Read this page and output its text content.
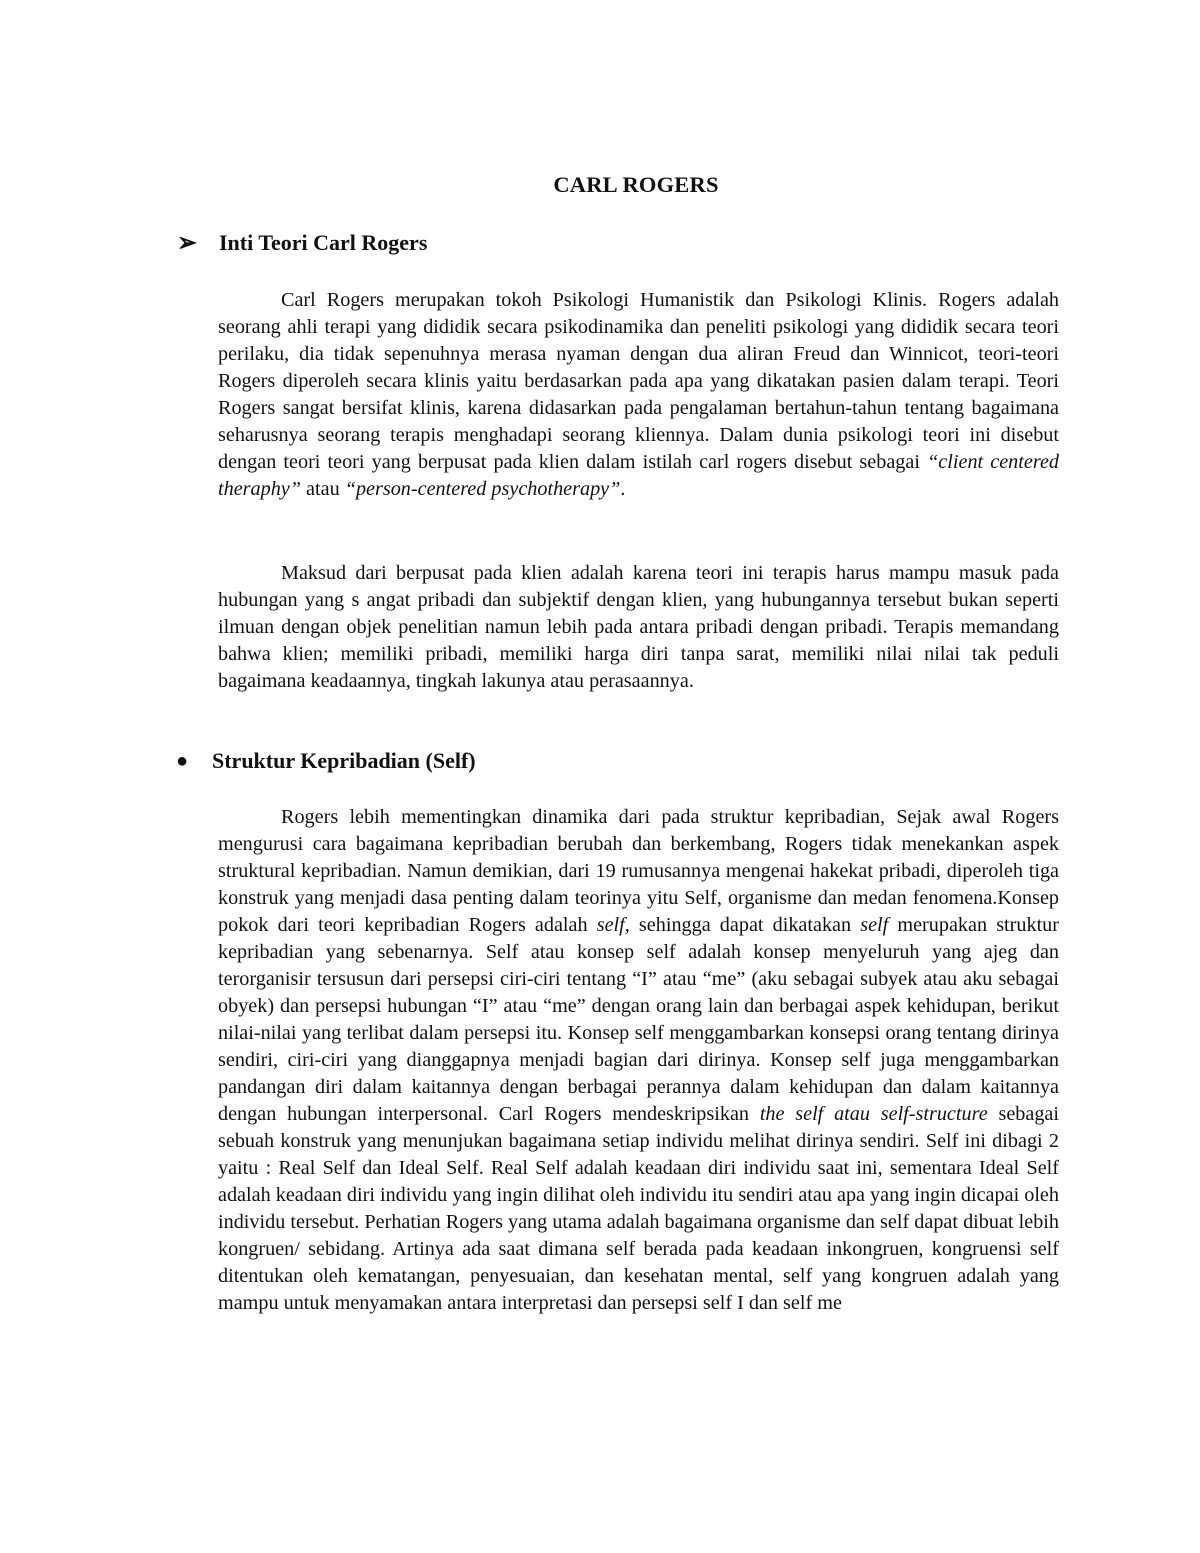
CARL ROGERS
➢	Inti Teori Carl Rogers

Carl Rogers merupakan tokoh Psikologi Humanistik dan Psikologi Klinis. Rogers adalah seorang ahli terapi yang dididik secara psikodinamika dan peneliti psikologi yang dididik secara teori perilaku, dia tidak sepenuhnya merasa nyaman dengan dua aliran Freud dan Winnicot, teori-teori Rogers diperoleh secara klinis yaitu berdasarkan pada apa yang dikatakan pasien dalam terapi. Teori Rogers sangat bersifat klinis, karena didasarkan pada pengalaman bertahun-tahun tentang bagaimana seharusnya seorang terapis menghadapi seorang kliennya. Dalam dunia psikologi teori ini disebut dengan teori teori yang berpusat pada klien dalam istilah carl rogers disebut sebagai “client centered theraphy” atau “person-centered psychotherapy”.

Maksud dari berpusat pada klien adalah karena teori ini terapis harus mampu masuk pada hubungan yang s angat pribadi dan subjektif dengan klien, yang hubungannya tersebut bukan seperti ilmuan dengan objek penelitian namun lebih pada antara pribadi dengan pribadi. Terapis memandang bahwa klien; memiliki pribadi, memiliki harga diri tanpa sarat, memiliki nilai nilai tak peduli bagaimana keadaannya, tingkah lakunya atau perasaannya.

●	Struktur Kepribadian (Self)

Rogers lebih mementingkan dinamika dari pada struktur kepribadian, Sejak awal Rogers mengurusi cara bagaimana kepribadian berubah dan berkembang, Rogers tidak menekankan aspek struktural kepribadian. Namun demikian, dari 19 rumusannya mengenai hakekat pribadi, diperoleh tiga konstruk yang menjadi dasa penting dalam teorinya yitu Self, organisme dan medan fenomena.Konsep pokok dari teori kepribadian Rogers adalah self, sehingga dapat dikatakan self merupakan struktur kepribadian yang sebenarnya. Self atau konsep self adalah konsep menyeluruh yang ajeg dan terorganisir tersusun dari persepsi ciri-ciri tentang “I” atau “me” (aku sebagai subyek atau aku sebagai obyek) dan persepsi hubungan “I” atau “me” dengan orang lain dan berbagai aspek kehidupan, berikut nilai-nilai yang terlibat dalam persepsi itu. Konsep self menggambarkan konsepsi orang tentang dirinya sendiri, ciri-ciri yang dianggapnya menjadi bagian dari dirinya. Konsep self juga menggambarkan pandangan diri dalam kaitannya dengan berbagai perannya dalam kehidupan dan dalam kaitannya dengan hubungan interpersonal. Carl Rogers mendeskripsikan the self atau self-structure sebagai sebuah konstruk yang menunjukan bagaimana setiap individu melihat dirinya sendiri. Self ini dibagi 2 yaitu : Real Self dan Ideal Self. Real Self adalah keadaan diri individu saat ini, sementara Ideal Self adalah keadaan diri individu yang ingin dilihat oleh individu itu sendiri atau apa yang ingin dicapai oleh individu tersebut. Perhatian Rogers yang utama adalah bagaimana organisme dan self dapat dibuat lebih kongruen/ sebidang. Artinya ada saat dimana self berada pada keadaan inkongruen, kongruensi self ditentukan oleh kematangan, penyesuaian, dan kesehatan mental, self yang kongruen adalah yang mampu untuk menyamakan antara interpretasi dan persepsi self I dan self me
